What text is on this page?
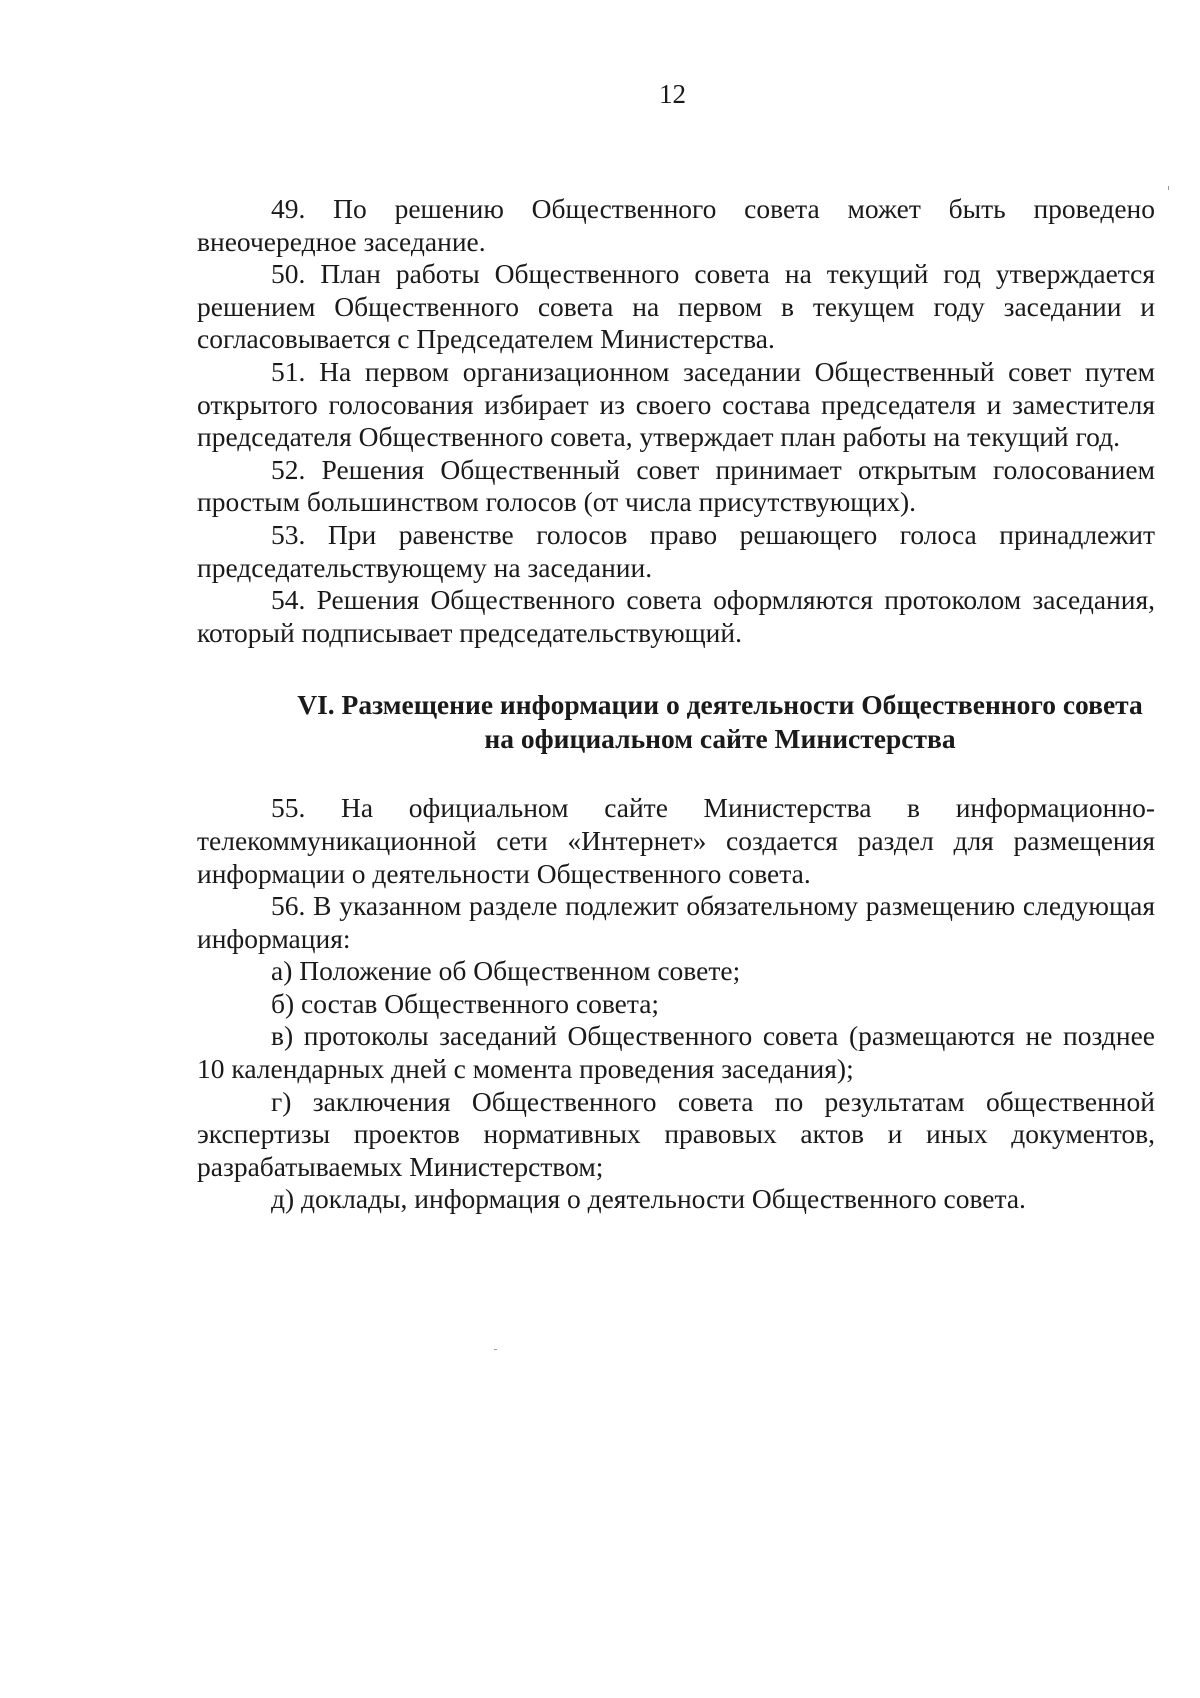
12

49. По решению Общественного совета может быть проведено внеочередное заседание.

50. План работы Общественного совета на текущий год утверждается решением Общественного совета на первом в текущем году заседании и согласовывается с Председателем Министерства.

51. На первом организационном заседании Общественный совет путем открытого голосования избирает из своего состава председателя и заместителя председателя Общественного совета, утверждает план работы на текущий год.

52. Решения Общественный совет принимает открытым голосованием простым большинством голосов (от числа присутствующих).

53. При равенстве голосов право решающего голоса принадлежит председательствующему на заседании.

54. Решения Общественного совета оформляются протоколом заседания, который подписывает председательствующий.

VI. Размещение информации о деятельности Общественного совета
на официальном сайте Министерства

55. На официальном сайте Министерства в информационно-телекоммуникационной сети «Интернет» создается раздел для размещения информации о деятельности Общественного совета.

56. В указанном разделе подлежит обязательному размещению следующая информация:

а) Положение об Общественном совете;

б) состав Общественного совета;

в) протоколы заседаний Общественного совета (размещаются не позднее 10 календарных дней с момента проведения заседания);

г) заключения Общественного совета по результатам общественной экспертизы проектов нормативных правовых актов и иных документов, разрабатываемых Министерством;

д) доклады, информация о деятельности Общественного совета.
